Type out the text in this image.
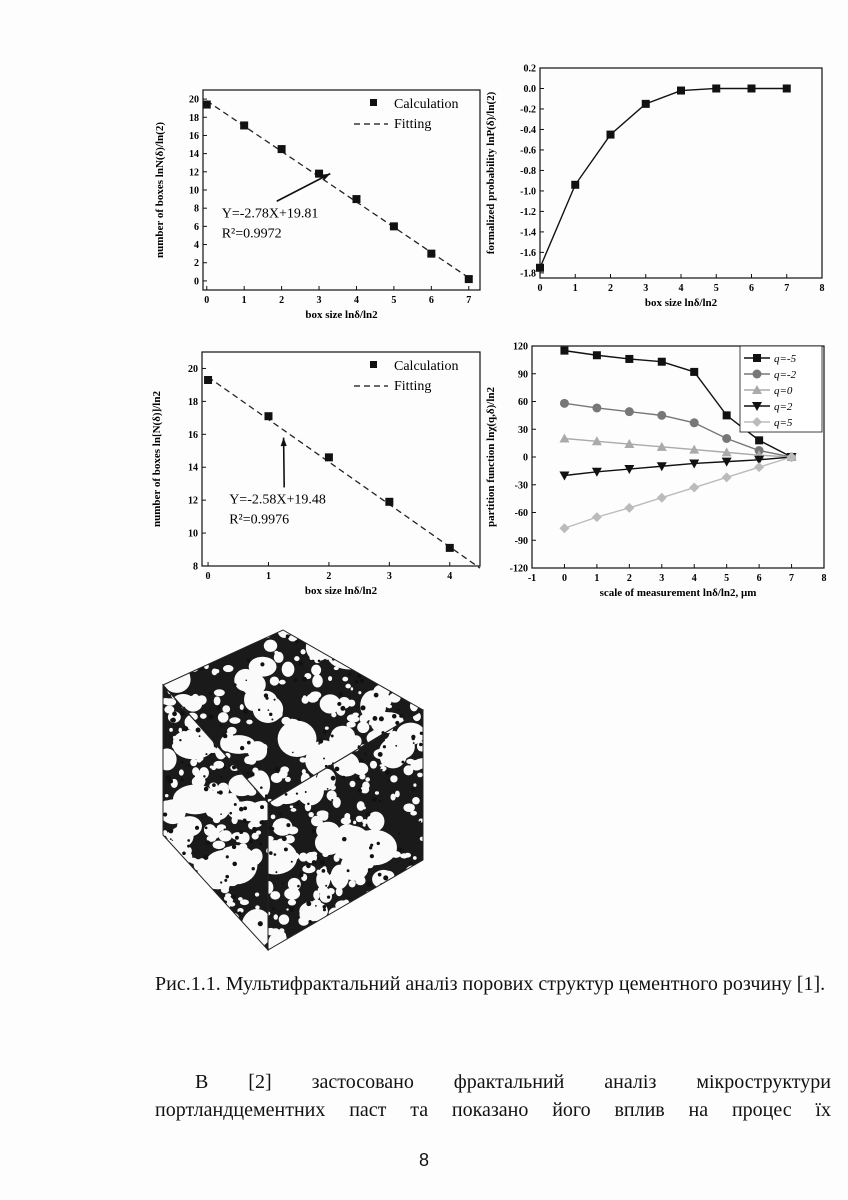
0	1	2	3	4	5	6	7
0
2
4
6
8
10
12
14
16
18
20
box size lnδ/ln2
number of boxes lnN(δ)/ln(2)
Calculation
Fitting
Y=-2.78X+19.81
R²=0.9972
0	1	2	3	4	5	6	7	8
0.2
0.0
-0.2
-0.4
-0.6
-0.8
-1.0
-1.2
-1.4
-1.6
-1.8
box size lnδ/ln2
formalized probability lnP(δ)/ln(2)
0	1	2	3	4
8
10
12
14
16
18
20
box size lnδ/ln2
number of boxes ln[N(δ)]/ln2
Calculation
Fitting
Y=-2.58X+19.48
R²=0.9976
-1	0	1	2	3	4	5	6	7	8
120
90
60
30
0
-30
-60
-90
-120
scale of measurement lnδ/ln2, μm
partition function lnχ(q,δ)/ln2
q=-5
q=-2
q=0
q=2
q=5
Рис.1.1. Мультифрактальний аналіз порових структур цементного розчину [1].
В [2] застосовано фрактальний аналіз мікроструктури
портландцементних паст та показано його вплив на процес їх
8
